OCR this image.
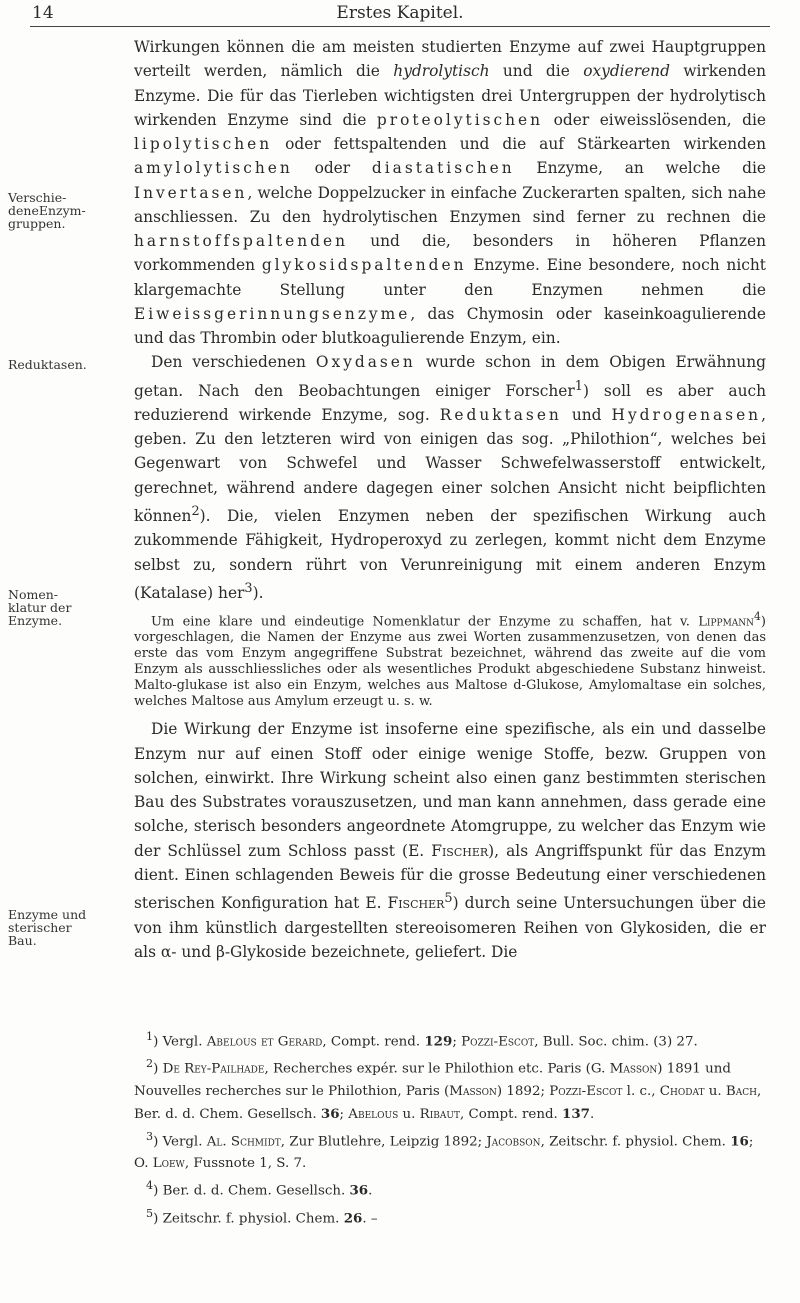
14	Erstes Kapitel.
Verschie-
deneEnzym-
gruppen.
Reduktasen.
Nomen-
klatur der
Enzyme.
Enzyme und
sterischer
Bau.

Wirkungen können die am meisten studierten Enzyme auf zwei Hauptgruppen verteilt werden, nämlich die hydrolytisch und die oxydierend wirkenden Enzyme. Die für das Tierleben wichtigsten drei Untergruppen der hydrolytisch wirkenden Enzyme sind die proteolytischen oder eiweisslösenden, die lipolytischen oder fettspaltenden und die auf Stärkearten wirkenden amylolytischen oder diastatischen Enzyme, an welche die Invertasen, welche Doppelzucker in einfache Zuckerarten spalten, sich nahe anschliessen. Zu den hydrolytischen Enzymen sind ferner zu rechnen die harnstoffspaltenden und die, besonders in höheren Pflanzen vorkommenden glykosidspaltenden Enzyme. Eine besondere, noch nicht klargemachte Stellung unter den Enzymen nehmen die Eiweissgerinnungsenzyme, das Chymosin oder kaseinkoagulierende und das Thrombin oder blutkoagulierende Enzym, ein.

Den verschiedenen Oxydasen wurde schon in dem Obigen Erwähnung getan. Nach den Beobachtungen einiger Forscher$^1$) soll es aber auch reduzierend wirkende Enzyme, sog. Reduktasen und Hydrogenasen, geben. Zu den letzteren wird von einigen das sog. „Philothion“, welches bei Gegenwart von Schwefel und Wasser Schwefelwasserstoff entwickelt, gerechnet, während andere dagegen einer solchen Ansicht nicht beipflichten können$^2$). Die, vielen Enzymen neben der spezifischen Wirkung auch zukommende Fähigkeit, Hydroperoxyd zu zerlegen, kommt nicht dem Enzyme selbst zu, sondern rührt von Verunreinigung mit einem anderen Enzym (Katalase) her$^3$).

Um eine klare und eindeutige Nomenklatur der Enzyme zu schaffen, hat v. Lippmann$^4$) vorgeschlagen, die Namen der Enzyme aus zwei Worten zusammenzusetzen, von denen das erste das vom Enzym angegriffene Substrat bezeichnet, während das zweite auf die vom Enzym als ausschliessliches oder als wesentliches Produkt abgeschiedene Substanz hinweist. Malto-glukase ist also ein Enzym, welches aus Maltose d-Glukose, Amylomaltase ein solches, welches Maltose aus Amylum erzeugt u. s. w.

Die Wirkung der Enzyme ist insoferne eine spezifische, als ein und dasselbe Enzym nur auf einen Stoff oder einige wenige Stoffe, bezw. Gruppen von solchen, einwirkt. Ihre Wirkung scheint also einen ganz bestimmten sterischen Bau des Substrates vorauszusetzen, und man kann annehmen, dass gerade eine solche, sterisch besonders angeordnete Atomgruppe, zu welcher das Enzym wie der Schlüssel zum Schloss passt (E. Fischer), als Angriffspunkt für das Enzym dient. Einen schlagenden Beweis für die grosse Bedeutung einer verschiedenen sterischen Konfiguration hat E. Fischer$^5$) durch seine Untersuchungen über die von ihm künstlich dargestellten stereoisomeren Reihen von Glykosiden, die er als α- und β-Glykoside bezeichnete, geliefert. Die

$^1$) Vergl. Abelous et Gerard, Compt. rend. 129; Pozzi-Escot, Bull. Soc. chim. (3) 27.
$^2$) De Rey-Pailhade, Recherches expér. sur le Philothion etc. Paris (G. Masson) 1891 und Nouvelles recherches sur le Philothion, Paris (Masson) 1892; Pozzi-Escot l. c., Chodat u. Bach, Ber. d. d. Chem. Gesellsch. 36; Abelous u. Ribaut, Compt. rend. 137.
$^3$) Vergl. Al. Schmidt, Zur Blutlehre, Leipzig 1892; Jacobson, Zeitschr. f. physiol. Chem. 16; O. Loew, Fussnote 1, S. 7.
$^4$) Ber. d. d. Chem. Gesellsch. 36.
$^5$) Zeitschr. f. physiol. Chem. 26. –
